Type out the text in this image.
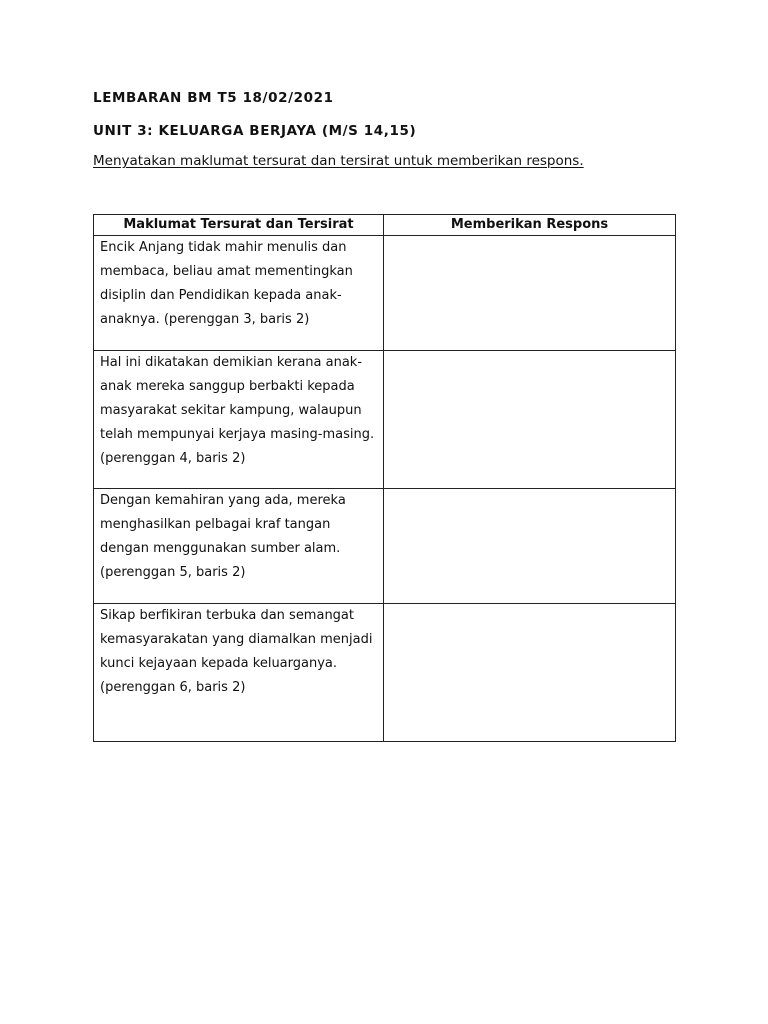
LEMBARAN BM T5 18/02/2021
UNIT 3: KELUARGA BERJAYA (M/S 14,15)
Menyatakan maklumat tersurat dan tersirat untuk memberikan respons.
Maklumat Tersurat dan Tersirat	Memberikan Respons
Encik Anjang tidak mahir menulis dan membaca, beliau amat mementingkan disiplin dan Pendidikan kepada anak-anaknya. (perenggan 3, baris 2)	
Hal ini dikatakan demikian kerana anak-anak mereka sanggup berbakti kepada masyarakat sekitar kampung, walaupun telah mempunyai kerjaya masing-masing. (perenggan 4, baris 2)	
Dengan kemahiran yang ada, mereka menghasilkan pelbagai kraf tangan dengan menggunakan sumber alam. (perenggan 5, baris 2)	
Sikap berfikiran terbuka dan semangat kemasyarakatan yang diamalkan menjadi kunci kejayaan kepada keluarganya. (perenggan 6, baris 2)	
